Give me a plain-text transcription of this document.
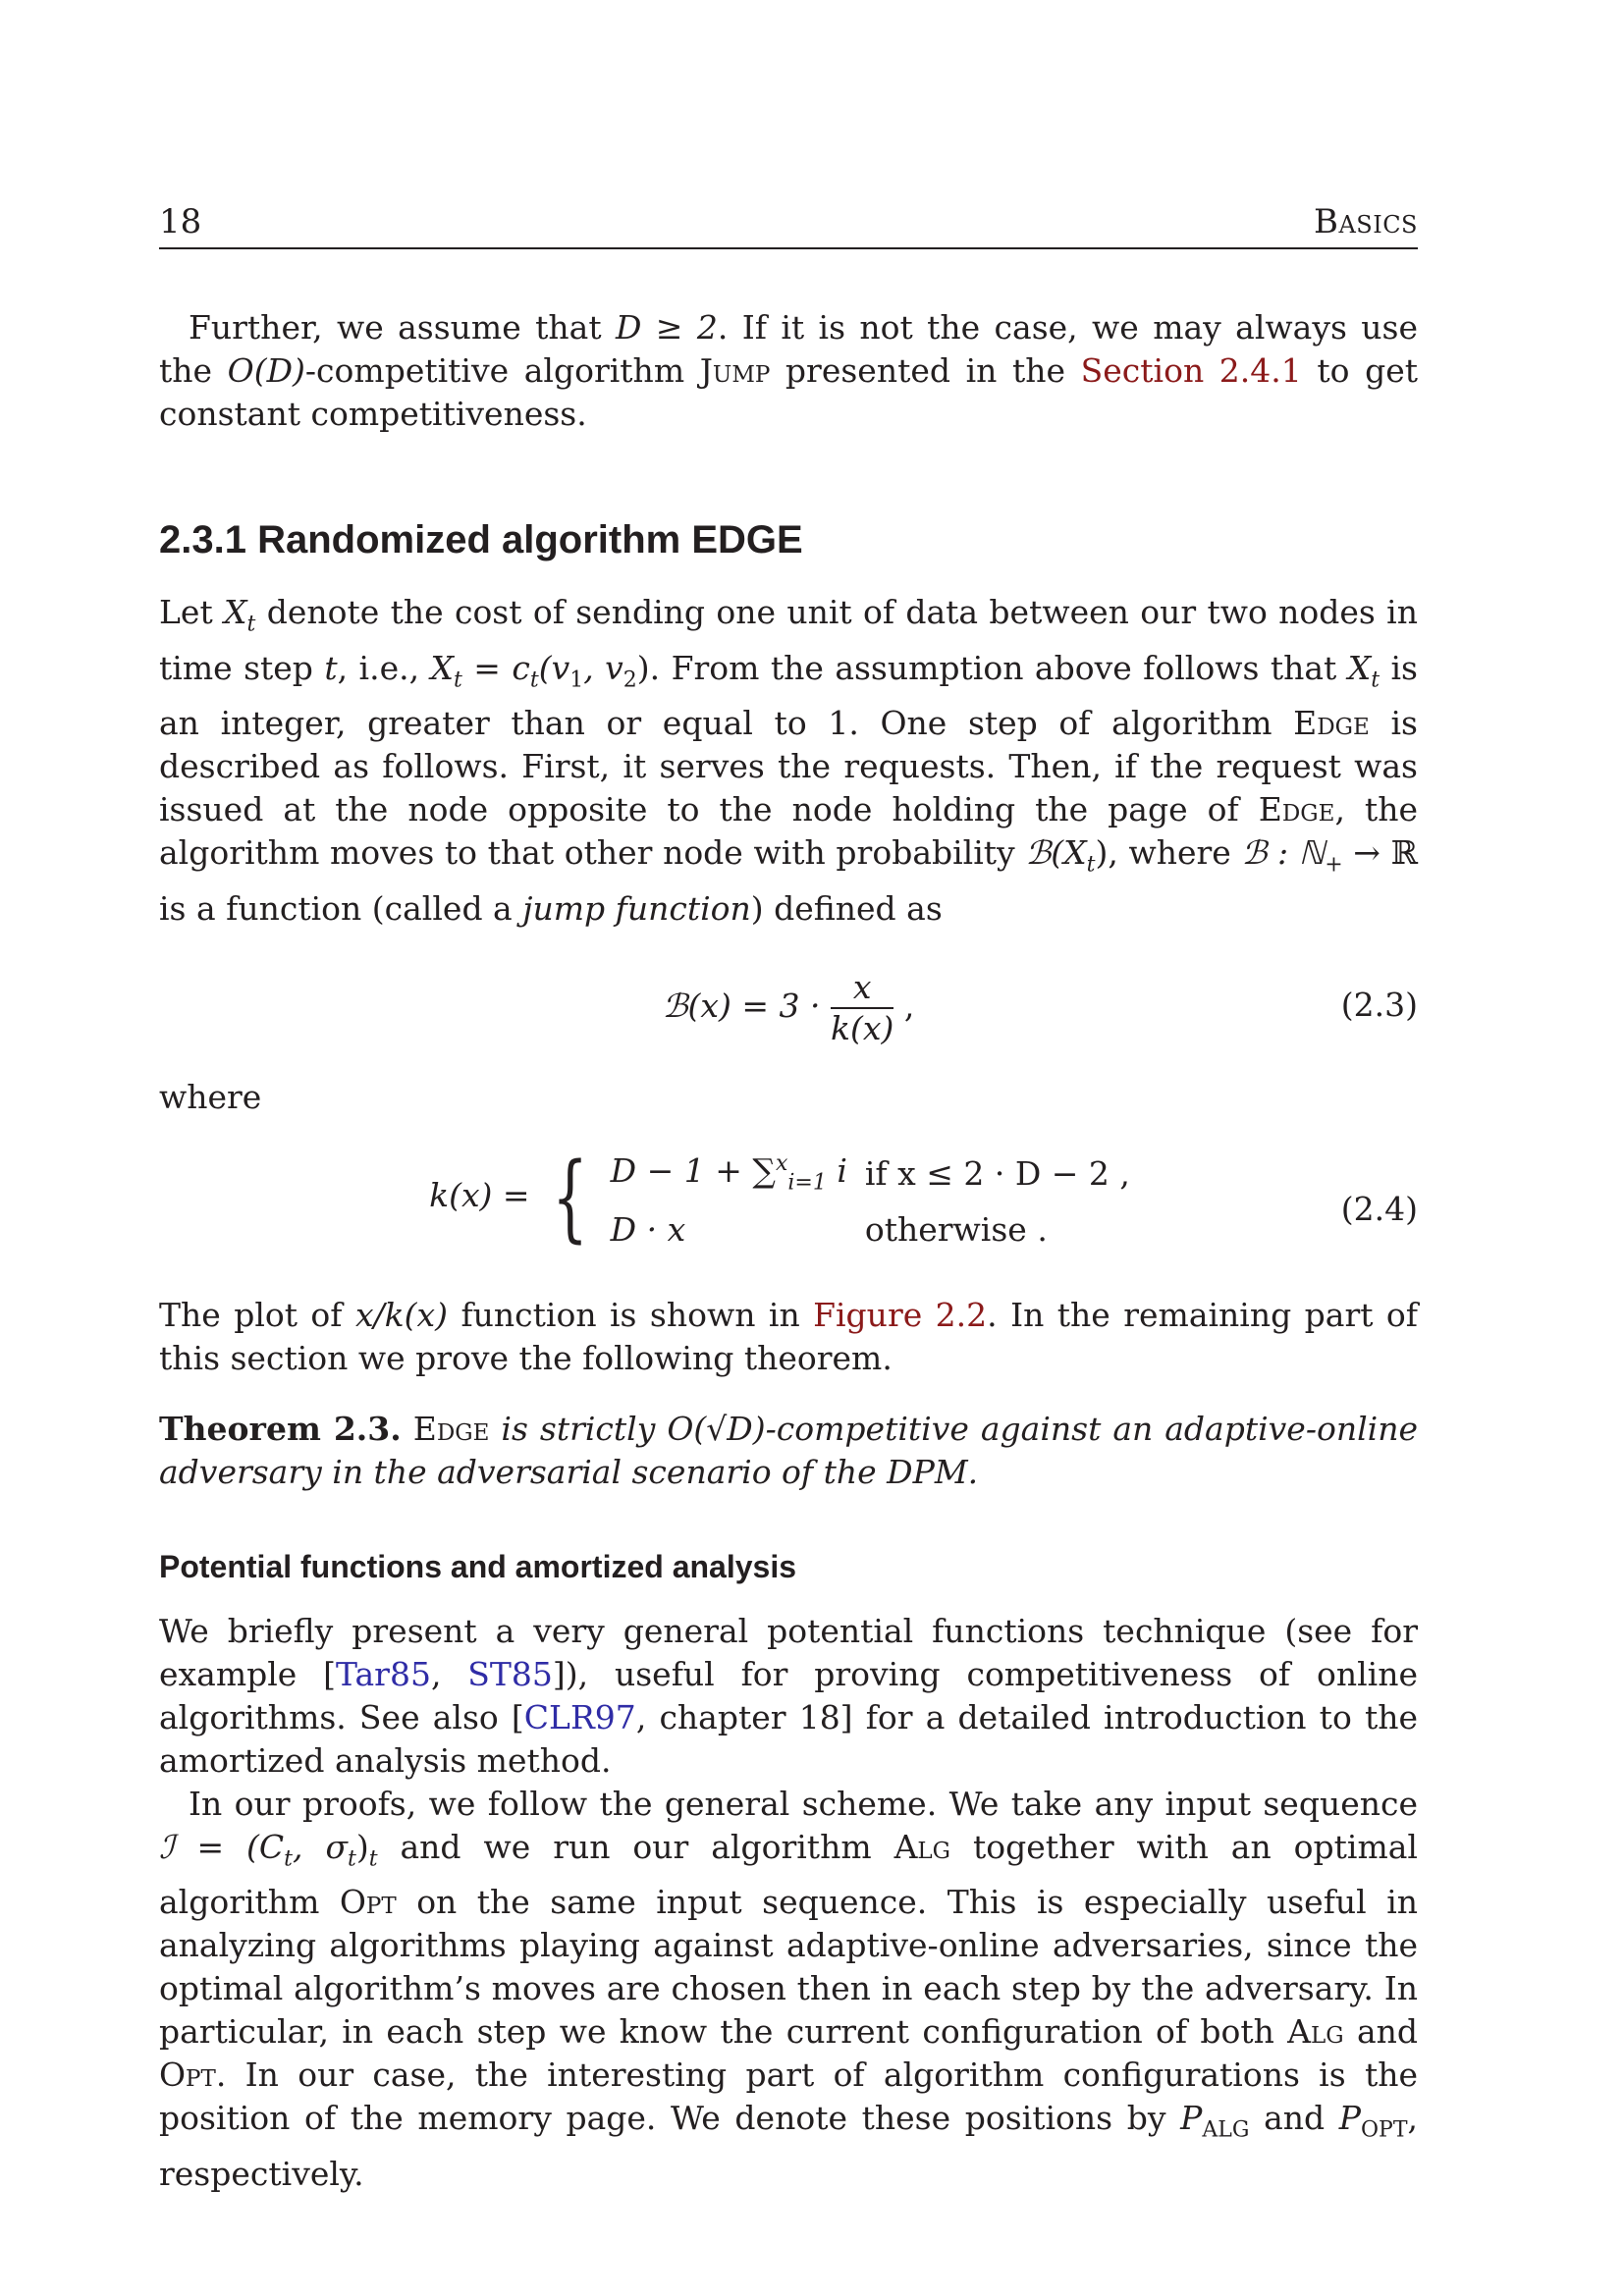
18	Basics

Further, we assume that D ≥ 2. If it is not the case, we may always use the O(D)-competitive algorithm Jump presented in the Section 2.4.1 to get constant competitiveness.

2.3.1 Randomized algorithm EDGE

Let $X_t$ denote the cost of sending one unit of data between our two nodes in time step t, i.e., $X_t = c_t(v_1$, $v_2$). From the assumption above follows that $X_t$ is an integer, greater than or equal to 1. One step of algorithm Edge is described as follows. First, it serves the requests. Then, if the request was issued at the node opposite to the node holding the page of Edge, the algorithm moves to that other node with probability $ℬ(X_t)$, where ℬ : ℕ$_+$ → ℝ is a function (called a jump function) defined as

ℬ(x) = $3 \cdot \frac{x}{k(x)}$ ,	(2.3)

where

k(x) = { D − 1 + ∑$^x_{i=1}$ i	if x ≤ 2 · D − 2 ,
D · x	otherwise .
(2.4)

The plot of x/k(x) function is shown in Figure 2.2. In the remaining part of this section we prove the following theorem.

Theorem 2.3. Edge is strictly O(√D)-competitive against an adaptive-online adversary in the adversarial scenario of the DPM.

Potential functions and amortized analysis

We briefly present a very general potential functions technique (see for example [Tar85, ST85]), useful for proving competitiveness of online algorithms. See also [CLR97, chapter 18] for a detailed introduction to the amortized analysis method.

In our proofs, we follow the general scheme. We take any input sequence ℐ = ($C_t$, $\sigma_t)_t$ and we run our algorithm Alg together with an optimal algorithm Opt on the same input sequence. This is especially useful in analyzing algorithms playing against adaptive-online adversaries, since the optimal algorithm’s moves are chosen then in each step by the adversary. In particular, in each step we know the current configuration of both Alg and Opt. In our case, the interesting part of algorithm configurations is the position of the memory page. We denote these positions by $P_{ALG}$ and $P_{OPT}$, respectively.
